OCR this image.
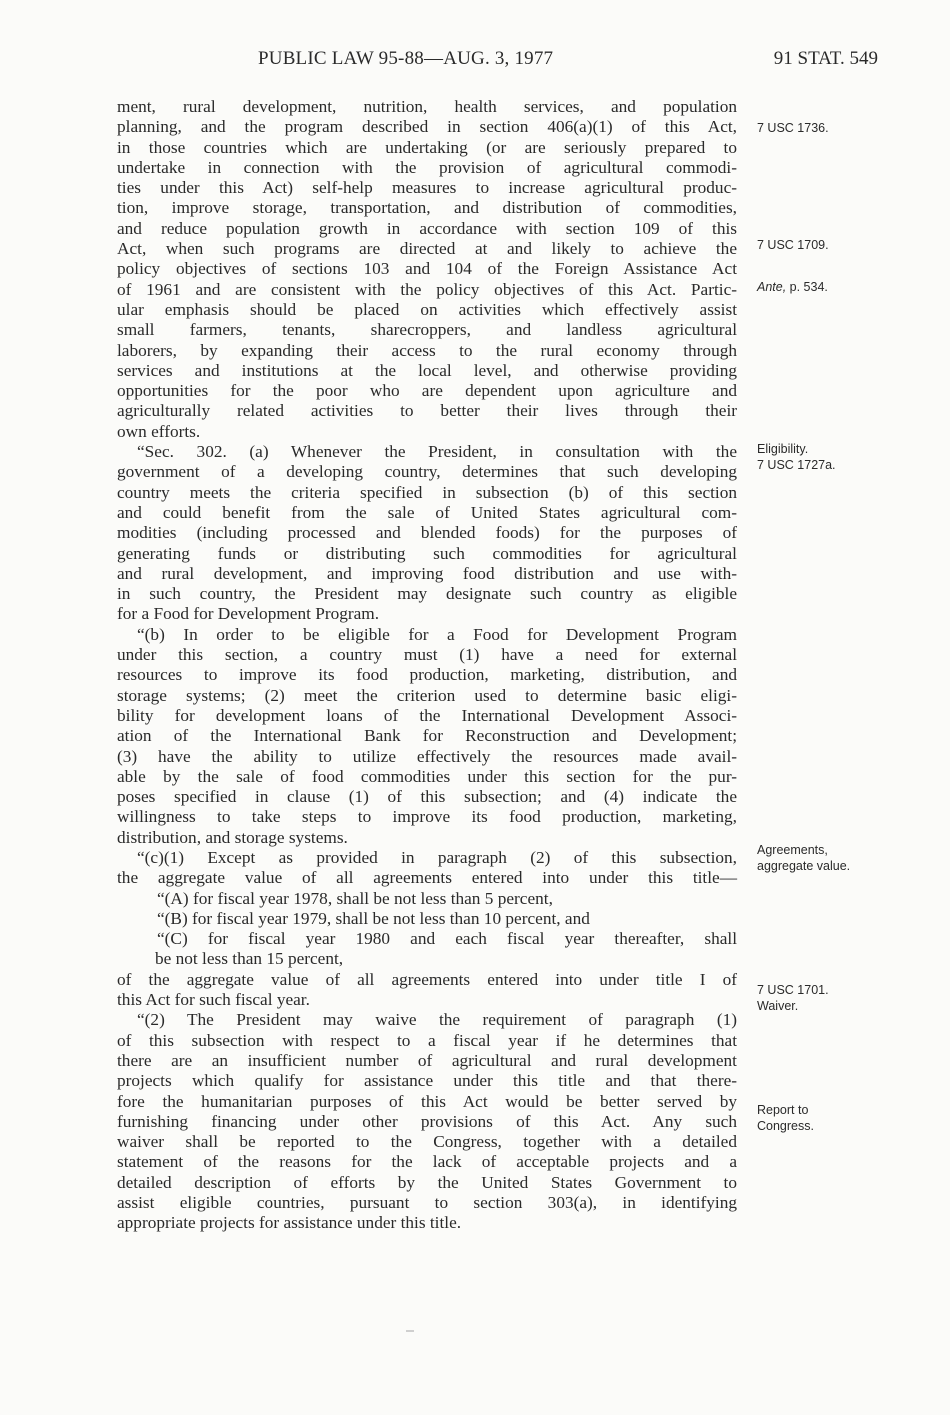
PUBLIC LAW 95-88—AUG. 3, 1977	91 STAT. 549
ment, rural development, nutrition, health services, and population
planning, and the program described in section 406(a)(1) of this Act,
in those countries which are undertaking (or are seriously prepared to
undertake in connection with the provision of agricultural commodi-
ties under this Act) self-help measures to increase agricultural produc-
tion, improve storage, transportation, and distribution of commodities,
and reduce population growth in accordance with section 109 of this
Act, when such programs are directed at and likely to achieve the
policy objectives of sections 103 and 104 of the Foreign Assistance Act
of 1961 and are consistent with the policy objectives of this Act. Partic-
ular emphasis should be placed on activities which effectively assist
small farmers, tenants, sharecroppers, and landless agricultural
laborers, by expanding their access to the rural economy through
services and institutions at the local level, and otherwise providing
opportunities for the poor who are dependent upon agriculture and
agriculturally related activities to better their lives through their
own efforts.
“Sec. 302. (a) Whenever the President, in consultation with the
government of a developing country, determines that such developing
country meets the criteria specified in subsection (b) of this section
and could benefit from the sale of United States agricultural com-
modities (including processed and blended foods) for the purposes of
generating funds or distributing such commodities for agricultural
and rural development, and improving food distribution and use with-
in such country, the President may designate such country as eligible
for a Food for Development Program.
“(b) In order to be eligible for a Food for Development Program
under this section, a country must (1) have a need for external
resources to improve its food production, marketing, distribution, and
storage systems; (2) meet the criterion used to determine basic eligi-
bility for development loans of the International Development Associ-
ation of the International Bank for Reconstruction and Development;
(3) have the ability to utilize effectively the resources made avail-
able by the sale of food commodities under this section for the pur-
poses specified in clause (1) of this subsection; and (4) indicate the
willingness to take steps to improve its food production, marketing,
distribution, and storage systems.
“(c)(1) Except as provided in paragraph (2) of this subsection,
the aggregate value of all agreements entered into under this title—
“(A) for fiscal year 1978, shall be not less than 5 percent,
“(B) for fiscal year 1979, shall be not less than 10 percent, and
“(C) for fiscal year 1980 and each fiscal year thereafter, shall
be not less than 15 percent,
of the aggregate value of all agreements entered into under title I of
this Act for such fiscal year.
“(2) The President may waive the requirement of paragraph (1)
of this subsection with respect to a fiscal year if he determines that
there are an insufficient number of agricultural and rural development
projects which qualify for assistance under this title and that there-
fore the humanitarian purposes of this Act would be better served by
furnishing financing under other provisions of this Act. Any such
waiver shall be reported to the Congress, together with a detailed
statement of the reasons for the lack of acceptable projects and a
detailed description of efforts by the United States Government to
assist eligible countries, pursuant to section 303(a), in identifying
appropriate projects for assistance under this title.
7 USC 1736.
7 USC 1709.
Ante, p. 534.
Eligibility.
7 USC 1727a.
Agreements,
aggregate value.
7 USC 1701.
Waiver.
Report to
Congress.
